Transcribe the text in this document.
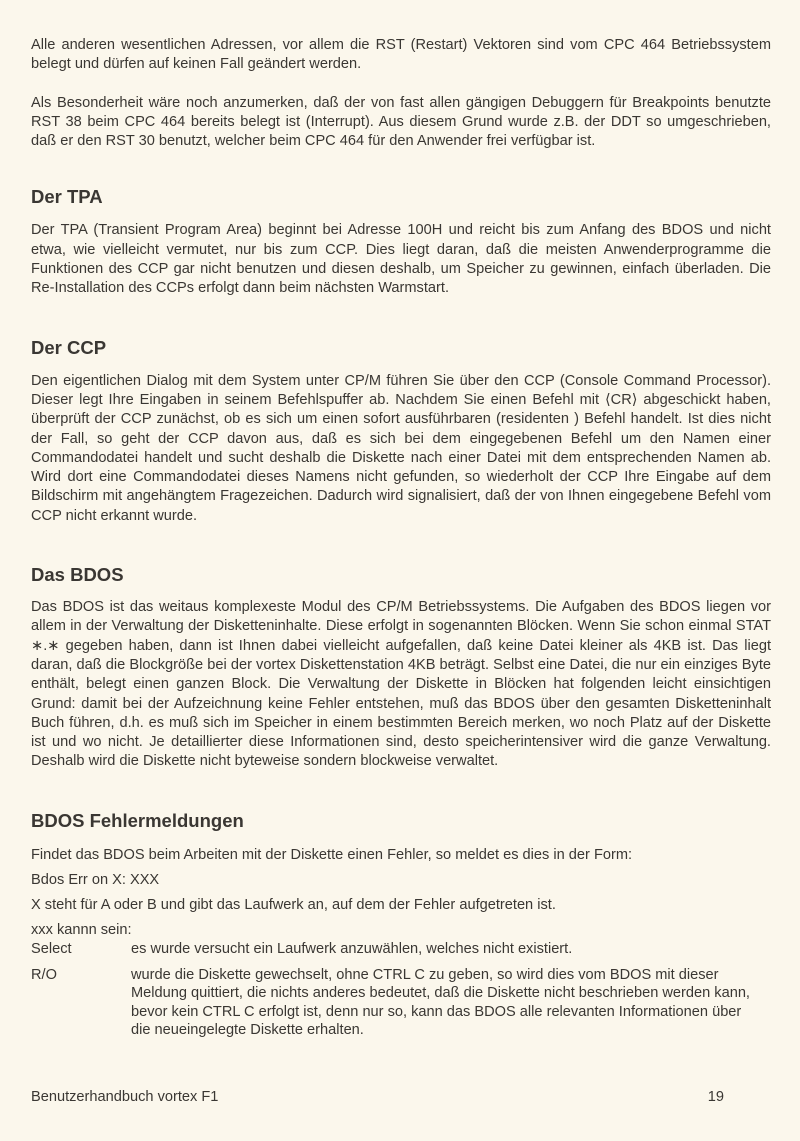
Alle anderen wesentlichen Adressen, vor allem die RST (Restart) Vektoren sind vom CPC 464 Betriebssystem belegt und dürfen auf keinen Fall geändert werden.

Als Besonderheit wäre noch anzumerken, daß der von fast allen gängigen Debuggern für Breakpoints benutzte RST 38 beim CPC 464 bereits belegt ist (Interrupt). Aus diesem Grund wurde z.B. der DDT so umgeschrieben, daß er den RST 30 benutzt, welcher beim CPC 464 für den Anwender frei verfügbar ist.

Der TPA

Der TPA (Transient Program Area) beginnt bei Adresse 100H und reicht bis zum Anfang des BDOS und nicht etwa, wie vielleicht vermutet, nur bis zum CCP. Dies liegt daran, daß die meisten Anwenderprogramme die Funktionen des CCP gar nicht benutzen und diesen deshalb, um Speicher zu gewinnen, einfach überladen. Die Re-Installation des CCPs erfolgt dann beim nächsten Warmstart.

Der CCP

Den eigentlichen Dialog mit dem System unter CP/M führen Sie über den CCP (Console Command Processor). Dieser legt Ihre Eingaben in seinem Befehlspuffer ab. Nachdem Sie einen Befehl mit ⟨CR⟩ abgeschickt haben, überprüft der CCP zunächst, ob es sich um einen sofort ausführbaren (residenten ) Befehl handelt. Ist dies nicht der Fall, so geht der CCP davon aus, daß es sich bei dem eingegebenen Befehl um den Namen einer Commandodatei handelt und sucht deshalb die Diskette nach einer Datei mit dem entsprechenden Namen ab. Wird dort eine Commandodatei dieses Namens nicht gefunden, so wiederholt der CCP Ihre Eingabe auf dem Bildschirm mit angehängtem Fragezeichen. Dadurch wird signalisiert, daß der von Ihnen eingegebene Befehl vom CCP nicht erkannt wurde.

Das BDOS

Das BDOS ist das weitaus komplexeste Modul des CP/M Betriebssystems. Die Aufgaben des BDOS liegen vor allem in der Verwaltung der Disketteninhalte. Diese erfolgt in sogenannten Blöcken. Wenn Sie schon einmal STAT ∗.∗ gegeben haben, dann ist Ihnen dabei vielleicht aufgefallen, daß keine Datei kleiner als 4KB ist. Das liegt daran, daß die Blockgröße bei der vortex Diskettenstation 4KB beträgt. Selbst eine Datei, die nur ein einziges Byte enthält, belegt einen ganzen Block. Die Verwaltung der Diskette in Blöcken hat folgenden leicht einsichtigen Grund: damit bei der Aufzeichnung keine Fehler entstehen, muß das BDOS über den gesamten Disketteninhalt Buch führen, d.h. es muß sich im Speicher in einem bestimmten Bereich merken, wo noch Platz auf der Diskette ist und wo nicht. Je detaillierter diese Informationen sind, desto speicherintensiver wird die ganze Verwaltung. Deshalb wird die Diskette nicht byteweise sondern blockweise verwaltet.

BDOS Fehlermeldungen

Findet das BDOS beim Arbeiten mit der Diskette einen Fehler, so meldet es dies in der Form:

Bdos Err on X: XXX

X steht für A oder B und gibt das Laufwerk an, auf dem der Fehler aufgetreten ist.

xxx kannn sein:

Select	es wurde versucht ein Laufwerk anzuwählen, welches nicht existiert.
R/O	wurde die Diskette gewechselt, ohne CTRL C zu geben, so wird dies vom BDOS mit dieser Meldung quittiert, die nichts anderes bedeutet, daß die Diskette nicht beschrieben werden kann, bevor kein CTRL C erfolgt ist, denn nur so, kann das BDOS alle relevanten Informationen über die neueingelegte Diskette erhalten.
Benutzerhandbuch vortex F1	19
